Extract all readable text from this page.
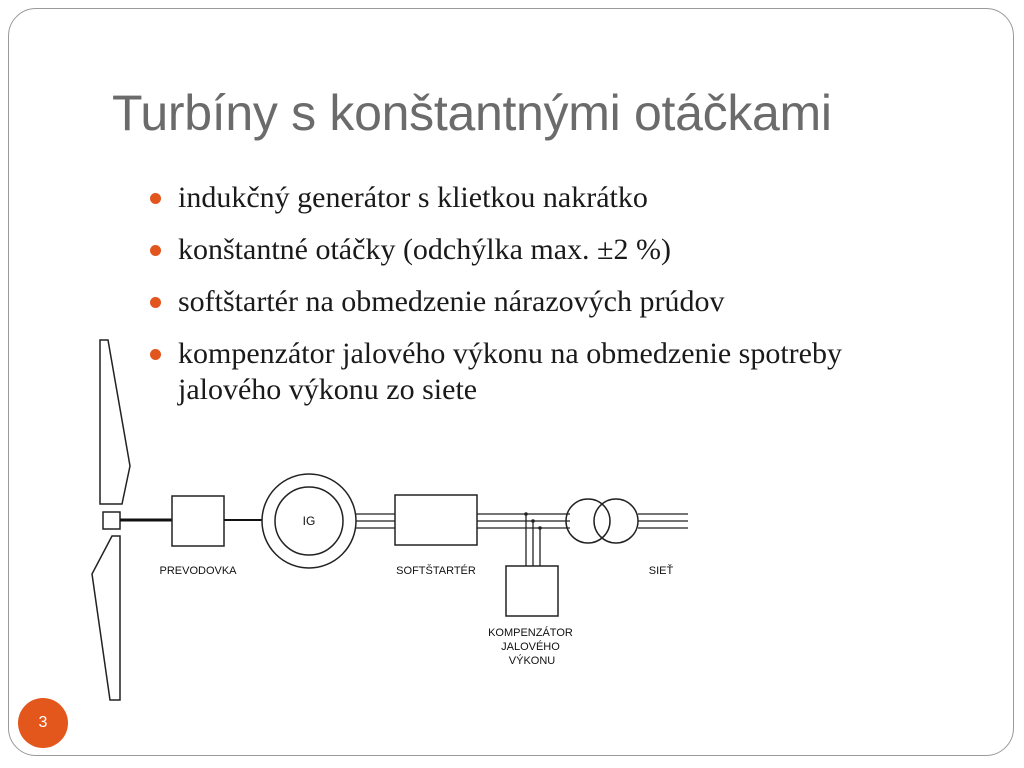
Turbíny s konštantnými otáčkami
indukčný generátor s klietkou nakrátko
konštantné otáčky (odchýlka max. ±2 %)
softštartér na obmedzenie nárazových prúdov
kompenzátor jalového výkonu na obmedzenie spotreby jalového výkonu zo siete
PREVODOVKA
IG
SOFTŠTARTÉR
KOMPENZÁTOR JALOVÉHO VÝKONU
SIEŤ
3
